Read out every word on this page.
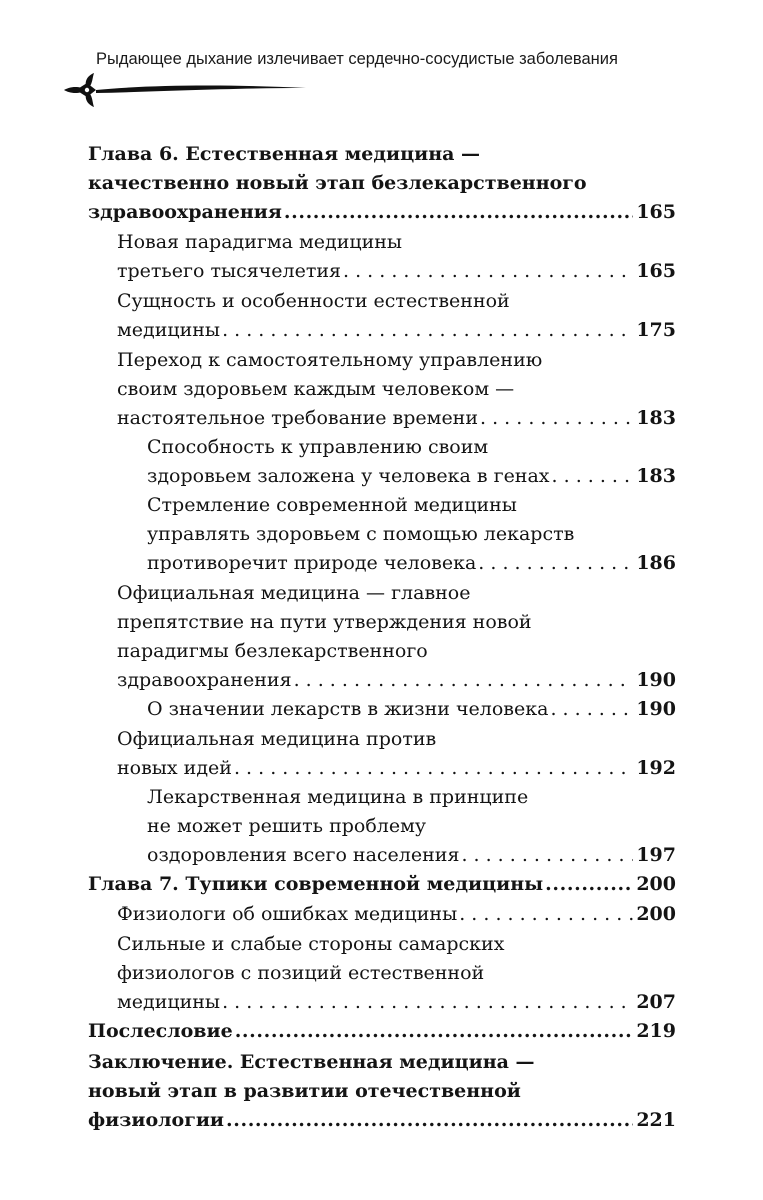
Рыдающее дыхание излечивает сердечно-сосудистые заболевания
Глава 6. Естественная медицина —
качественно новый этап безлекарственного
здравоохранения . . .	165
Новая парадигма медицины
третьего тысячелетия . . .	165
Сущность и особенности естественной
медицины . . .	175
Переход к самостоятельному управлению
своим здоровьем каждым человеком —
настоятельное требование времени . . .	183
Способность к управлению своим
здоровьем заложена у человека в генах . . .	183
Стремление современной медицины
управлять здоровьем с помощью лекарств
противоречит природе человека . . .	186
Официальная медицина — главное
препятствие на пути утверждения новой
парадигмы безлекарственного
здравоохранения . . .	190
О значении лекарств в жизни человека . . .	190
Официальная медицина против
новых идей . . .	192
Лекарственная медицина в принципе
не может решить проблему
оздоровления всего населения . . .	197
Глава 7. Тупики современной медицины . . .	200
Физиологи об ошибках медицины . . .	200
Сильные и слабые стороны самарских
физиологов с позиций естественной
медицины . . .	207
Послесловие . . .	219
Заключение. Естественная медицина —
новый этап в развитии отечественной
физиологии . . .	221
